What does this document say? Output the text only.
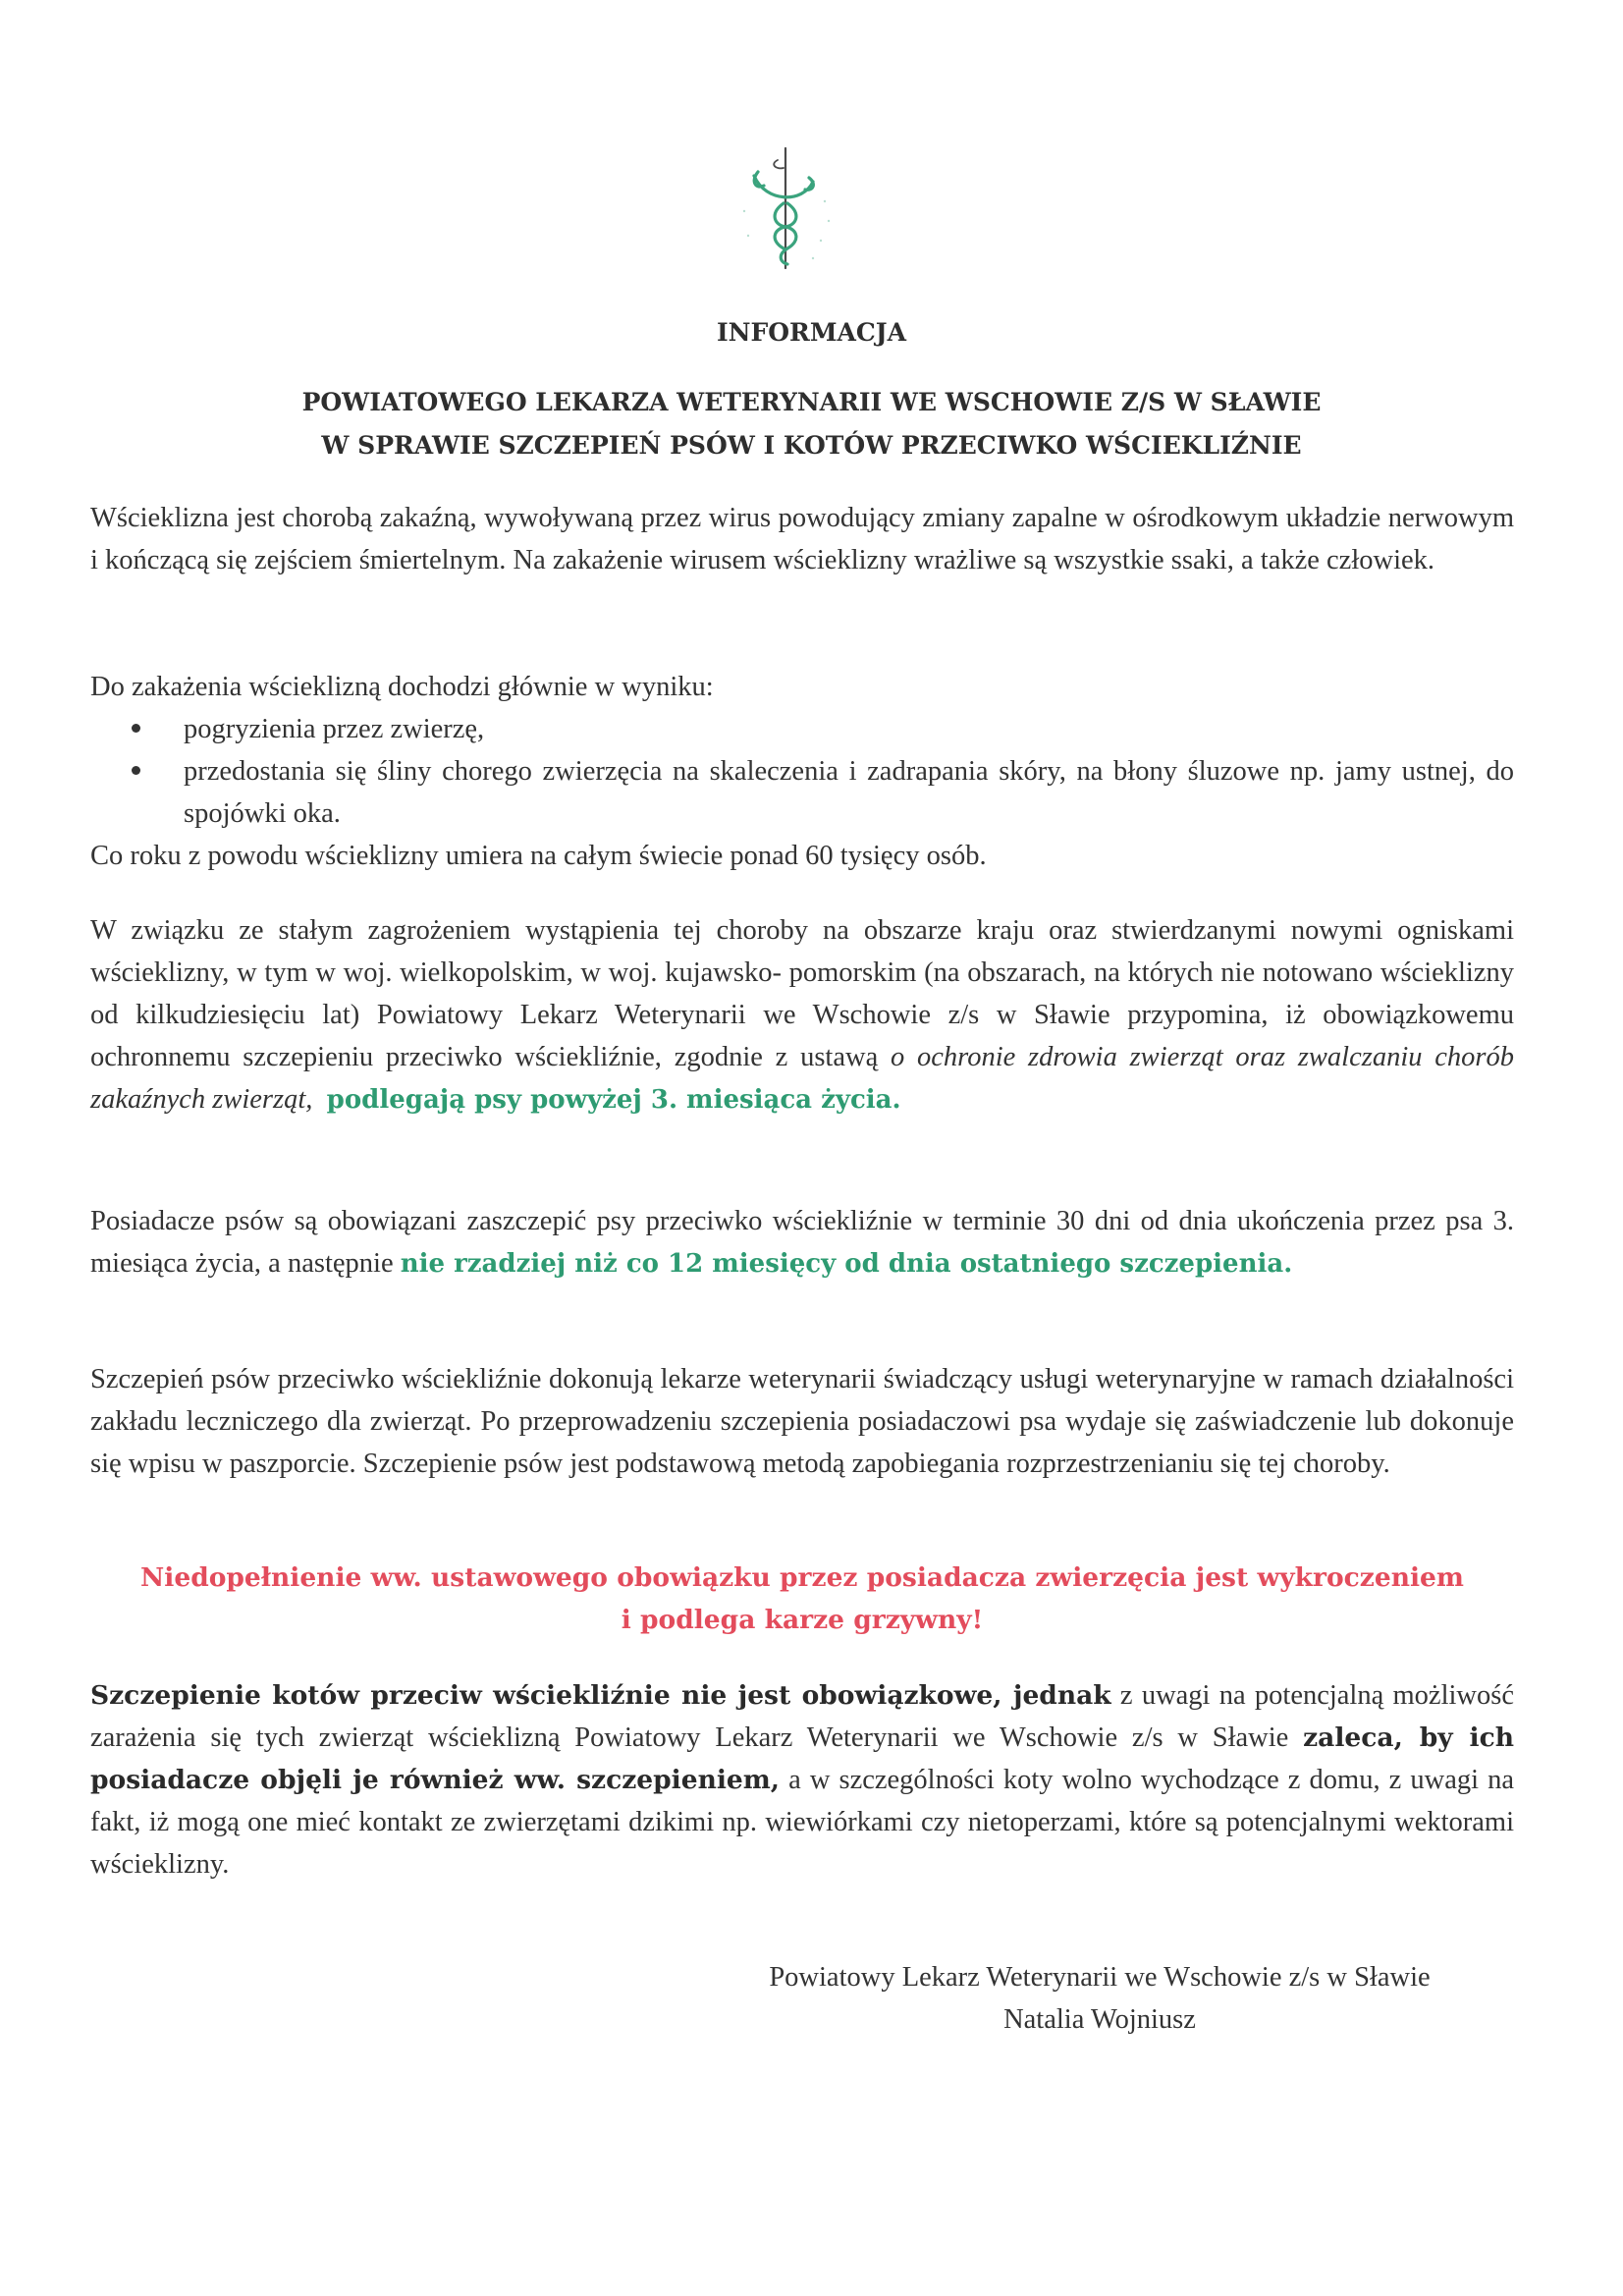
INFORMACJA
POWIATOWEGO LEKARZA WETERYNARII WE WSCHOWIE Z/S W SŁAWIE
W SPRAWIE SZCZEPIEŃ PSÓW I KOTÓW PRZECIWKO WŚCIEKLIŹNIE

Wścieklizna jest chorobą zakaźną, wywoływaną przez wirus powodujący zmiany zapalne w ośrodkowym układzie nerwowym i kończącą się zejściem śmiertelnym. Na zakażenie wirusem wścieklizny wrażliwe są wszystkie ssaki, a także człowiek.

Do zakażenia wścieklizną dochodzi głównie w wyniku:

pogryzienia przez zwierzę,
przedostania się śliny chorego zwierzęcia na skaleczenia i zadrapania skóry, na błony śluzowe np. jamy ustnej, do spojówki oka.

Co roku z powodu wścieklizny umiera na całym świecie ponad 60 tysięcy osób.

W związku ze stałym zagrożeniem wystąpienia tej choroby na obszarze kraju oraz stwierdzanymi nowymi ogniskami wścieklizny, w tym w woj. wielkopolskim, w woj. kujawsko- pomorskim (na obszarach, na których nie notowano wścieklizny od kilkudziesięciu lat) Powiatowy Lekarz Weterynarii we Wschowie z/s w Sławie przypomina, iż obowiązkowemu ochronnemu szczepieniu przeciwko wściekliźnie, zgodnie z ustawą o ochronie zdrowia zwierząt oraz zwalczaniu chorób zakaźnych zwierząt, podlegają psy powyżej 3. miesiąca życia.

Posiadacze psów są obowiązani zaszczepić psy przeciwko wściekliźnie w terminie 30 dni od dnia ukończenia przez psa 3. miesiąca życia, a następnie nie rzadziej niż co 12 miesięcy od dnia ostatniego szczepienia.

Szczepień psów przeciwko wściekliźnie dokonują lekarze weterynarii świadczący usługi weterynaryjne w ramach działalności zakładu leczniczego dla zwierząt. Po przeprowadzeniu szczepienia posiadaczowi psa wydaje się zaświadczenie lub dokonuje się wpisu w paszporcie. Szczepienie psów jest podstawową metodą zapobiegania rozprzestrzenianiu się tej choroby.

Niedopełnienie ww. ustawowego obowiązku przez posiadacza zwierzęcia jest wykroczeniem
i podlega karze grzywny!

Szczepienie kotów przeciw wściekliźnie nie jest obowiązkowe, jednak z uwagi na potencjalną możliwość zarażenia się tych zwierząt wścieklizną Powiatowy Lekarz Weterynarii we Wschowie z/s w Sławie zaleca, by ich posiadacze objęli je również ww. szczepieniem, a w szczególności koty wolno wychodzące z domu, z uwagi na fakt, iż mogą one mieć kontakt ze zwierzętami dzikimi np. wiewiórkami czy nietoperzami, które są potencjalnymi wektorami wścieklizny.

Powiatowy Lekarz Weterynarii we Wschowie z/s w Sławie
Natalia Wojniusz
